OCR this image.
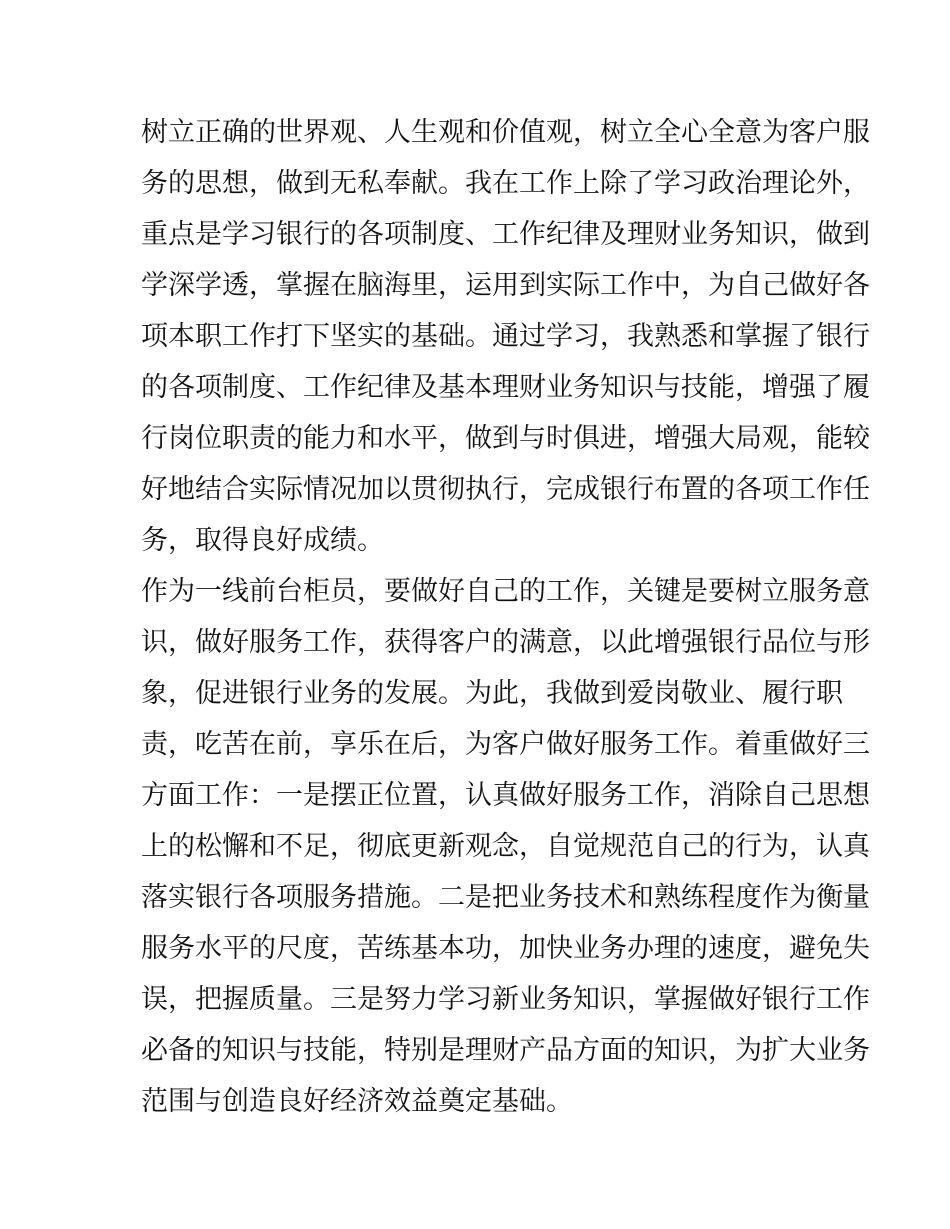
树立正确的世界观、人生观和价值观，树立全心全意为客户服
务的思想，做到无私奉献。我在工作上除了学习政治理论外，
重点是学习银行的各项制度、工作纪律及理财业务知识，做到
学深学透，掌握在脑海里，运用到实际工作中，为自己做好各
项本职工作打下坚实的基础。通过学习，我熟悉和掌握了银行
的各项制度、工作纪律及基本理财业务知识与技能，增强了履
行岗位职责的能力和水平，做到与时俱进，增强大局观，能较
好地结合实际情况加以贯彻执行，完成银行布置的各项工作任
务，取得良好成绩。
作为一线前台柜员，要做好自己的工作，关键是要树立服务意
识，做好服务工作，获得客户的满意，以此增强银行品位与形
象，促进银行业务的发展。为此，我做到爱岗敬业、履行职
责，吃苦在前，享乐在后，为客户做好服务工作。着重做好三
方面工作：一是摆正位置，认真做好服务工作，消除自己思想
上的松懈和不足，彻底更新观念，自觉规范自己的行为，认真
落实银行各项服务措施。二是把业务技术和熟练程度作为衡量
服务水平的尺度，苦练基本功，加快业务办理的速度，避免失
误，把握质量。三是努力学习新业务知识，掌握做好银行工作
必备的知识与技能，特别是理财产品方面的知识，为扩大业务
范围与创造良好经济效益奠定基础。
